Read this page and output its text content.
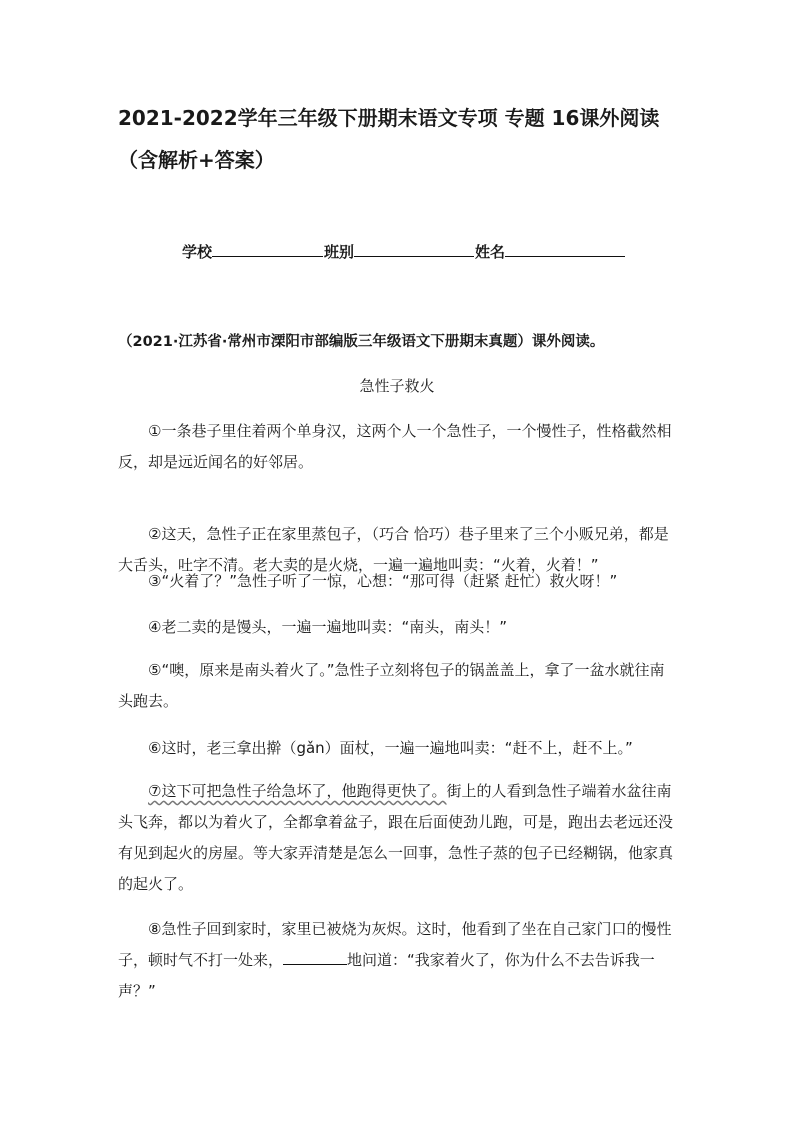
2021-2022学年三年级下册期末语文专项 专题 16课外阅读
（含解析+答案）
学校	班别	姓名
（2021·江苏省·常州市溧阳市部编版三年级语文下册期末真题）课外阅读。
急性子救火
①一条巷子里住着两个单身汉，这两个人一个急性子，一个慢性子，性格截然相反，却是远近闻名的好邻居。
②这天，急性子正在家里蒸包子，（巧合 恰巧）巷子里来了三个小贩兄弟，都是大舌头，吐字不清。老大卖的是火烧，一遍一遍地叫卖：“火着，火着！”
③“火着了？”急性子听了一惊，心想：“那可得（赶紧 赶忙）救火呀！”
④老二卖的是馒头，一遍一遍地叫卖：“南头，南头！”
⑤“噢，原来是南头着火了。”急性子立刻将包子的锅盖盖上，拿了一盆水就往南头跑去。
⑥这时，老三拿出擀（gǎn）面杖，一遍一遍地叫卖：“赶不上，赶不上。”
⑦这下可把急性子给急坏了，他跑得更快了。街上的人看到急性子端着水盆往南头飞奔，都以为着火了，全都拿着盆子，跟在后面使劲儿跑，可是，跑出去老远还没有见到起火的房屋。等大家弄清楚是怎么一回事，急性子蒸的包子已经糊锅，他家真的起火了。
⑧急性子回到家时，家里已被烧为灰烬。这时，他看到了坐在自己家门口的慢性子，顿时气不打一处来，	地问道：“我家着火了，你为什么不去告诉我一声？”
